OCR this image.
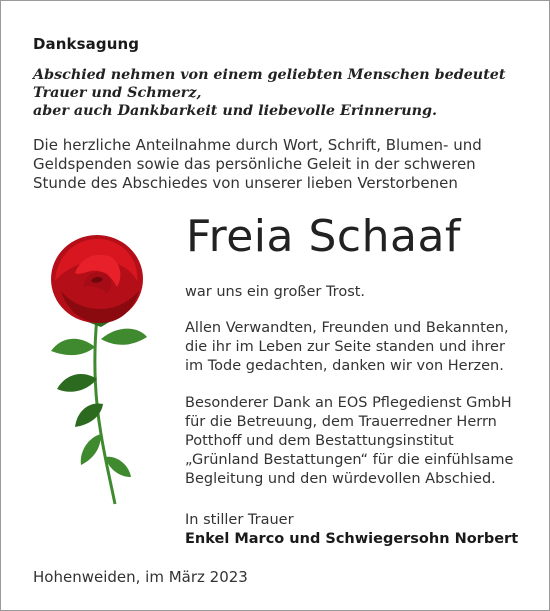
Danksagung
Abschied nehmen von einem geliebten Menschen bedeutet
Trauer und Schmerz,
aber auch Dankbarkeit und liebevolle Erinnerung.
Die herzliche Anteilnahme durch Wort, Schrift, Blumen- und
Geldspenden sowie das persönliche Geleit in der schweren
Stunde des Abschiedes von unserer lieben Verstorbenen
Freia Schaaf
war uns ein großer Trost.
Allen Verwandten, Freunden und Bekannten,
die ihr im Leben zur Seite standen und ihrer
im Tode gedachten, danken wir von Herzen.
Besonderer Dank an EOS Pflegedienst GmbH
für die Betreuung, dem Trauerredner Herrn
Potthoff und dem Bestattungsinstitut
„Grünland Bestattungen“ für die einfühlsame
Begleitung und den würdevollen Abschied.
In stiller Trauer
Enkel Marco und Schwiegersohn Norbert
Hohenweiden, im März 2023
